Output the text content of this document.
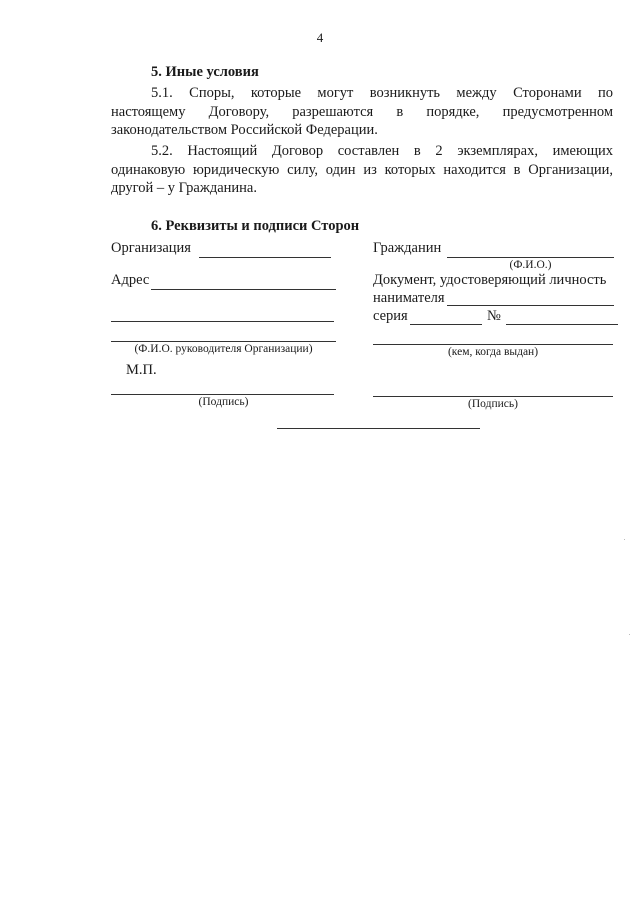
4
5. Иные условия
5.1. Споры, которые могут возникнуть между Сторонами по
настоящему Договору, разрешаются в порядке, предусмотренном
законодательством Российской Федерации.
5.2. Настоящий Договор составлен в 2 экземплярах, имеющих
одинаковую юридическую силу, один из которых находится в Организации,
другой – у Гражданина.
6. Реквизиты и подписи Сторон
Организация
Адрес
(Ф.И.О. руководителя Организации)
М.П.
(Подпись)
Гражданин
(Ф.И.О.)
Документ, удостоверяющий личность
нанимателя
серия	№
(кем, когда выдан)
(Подпись)
